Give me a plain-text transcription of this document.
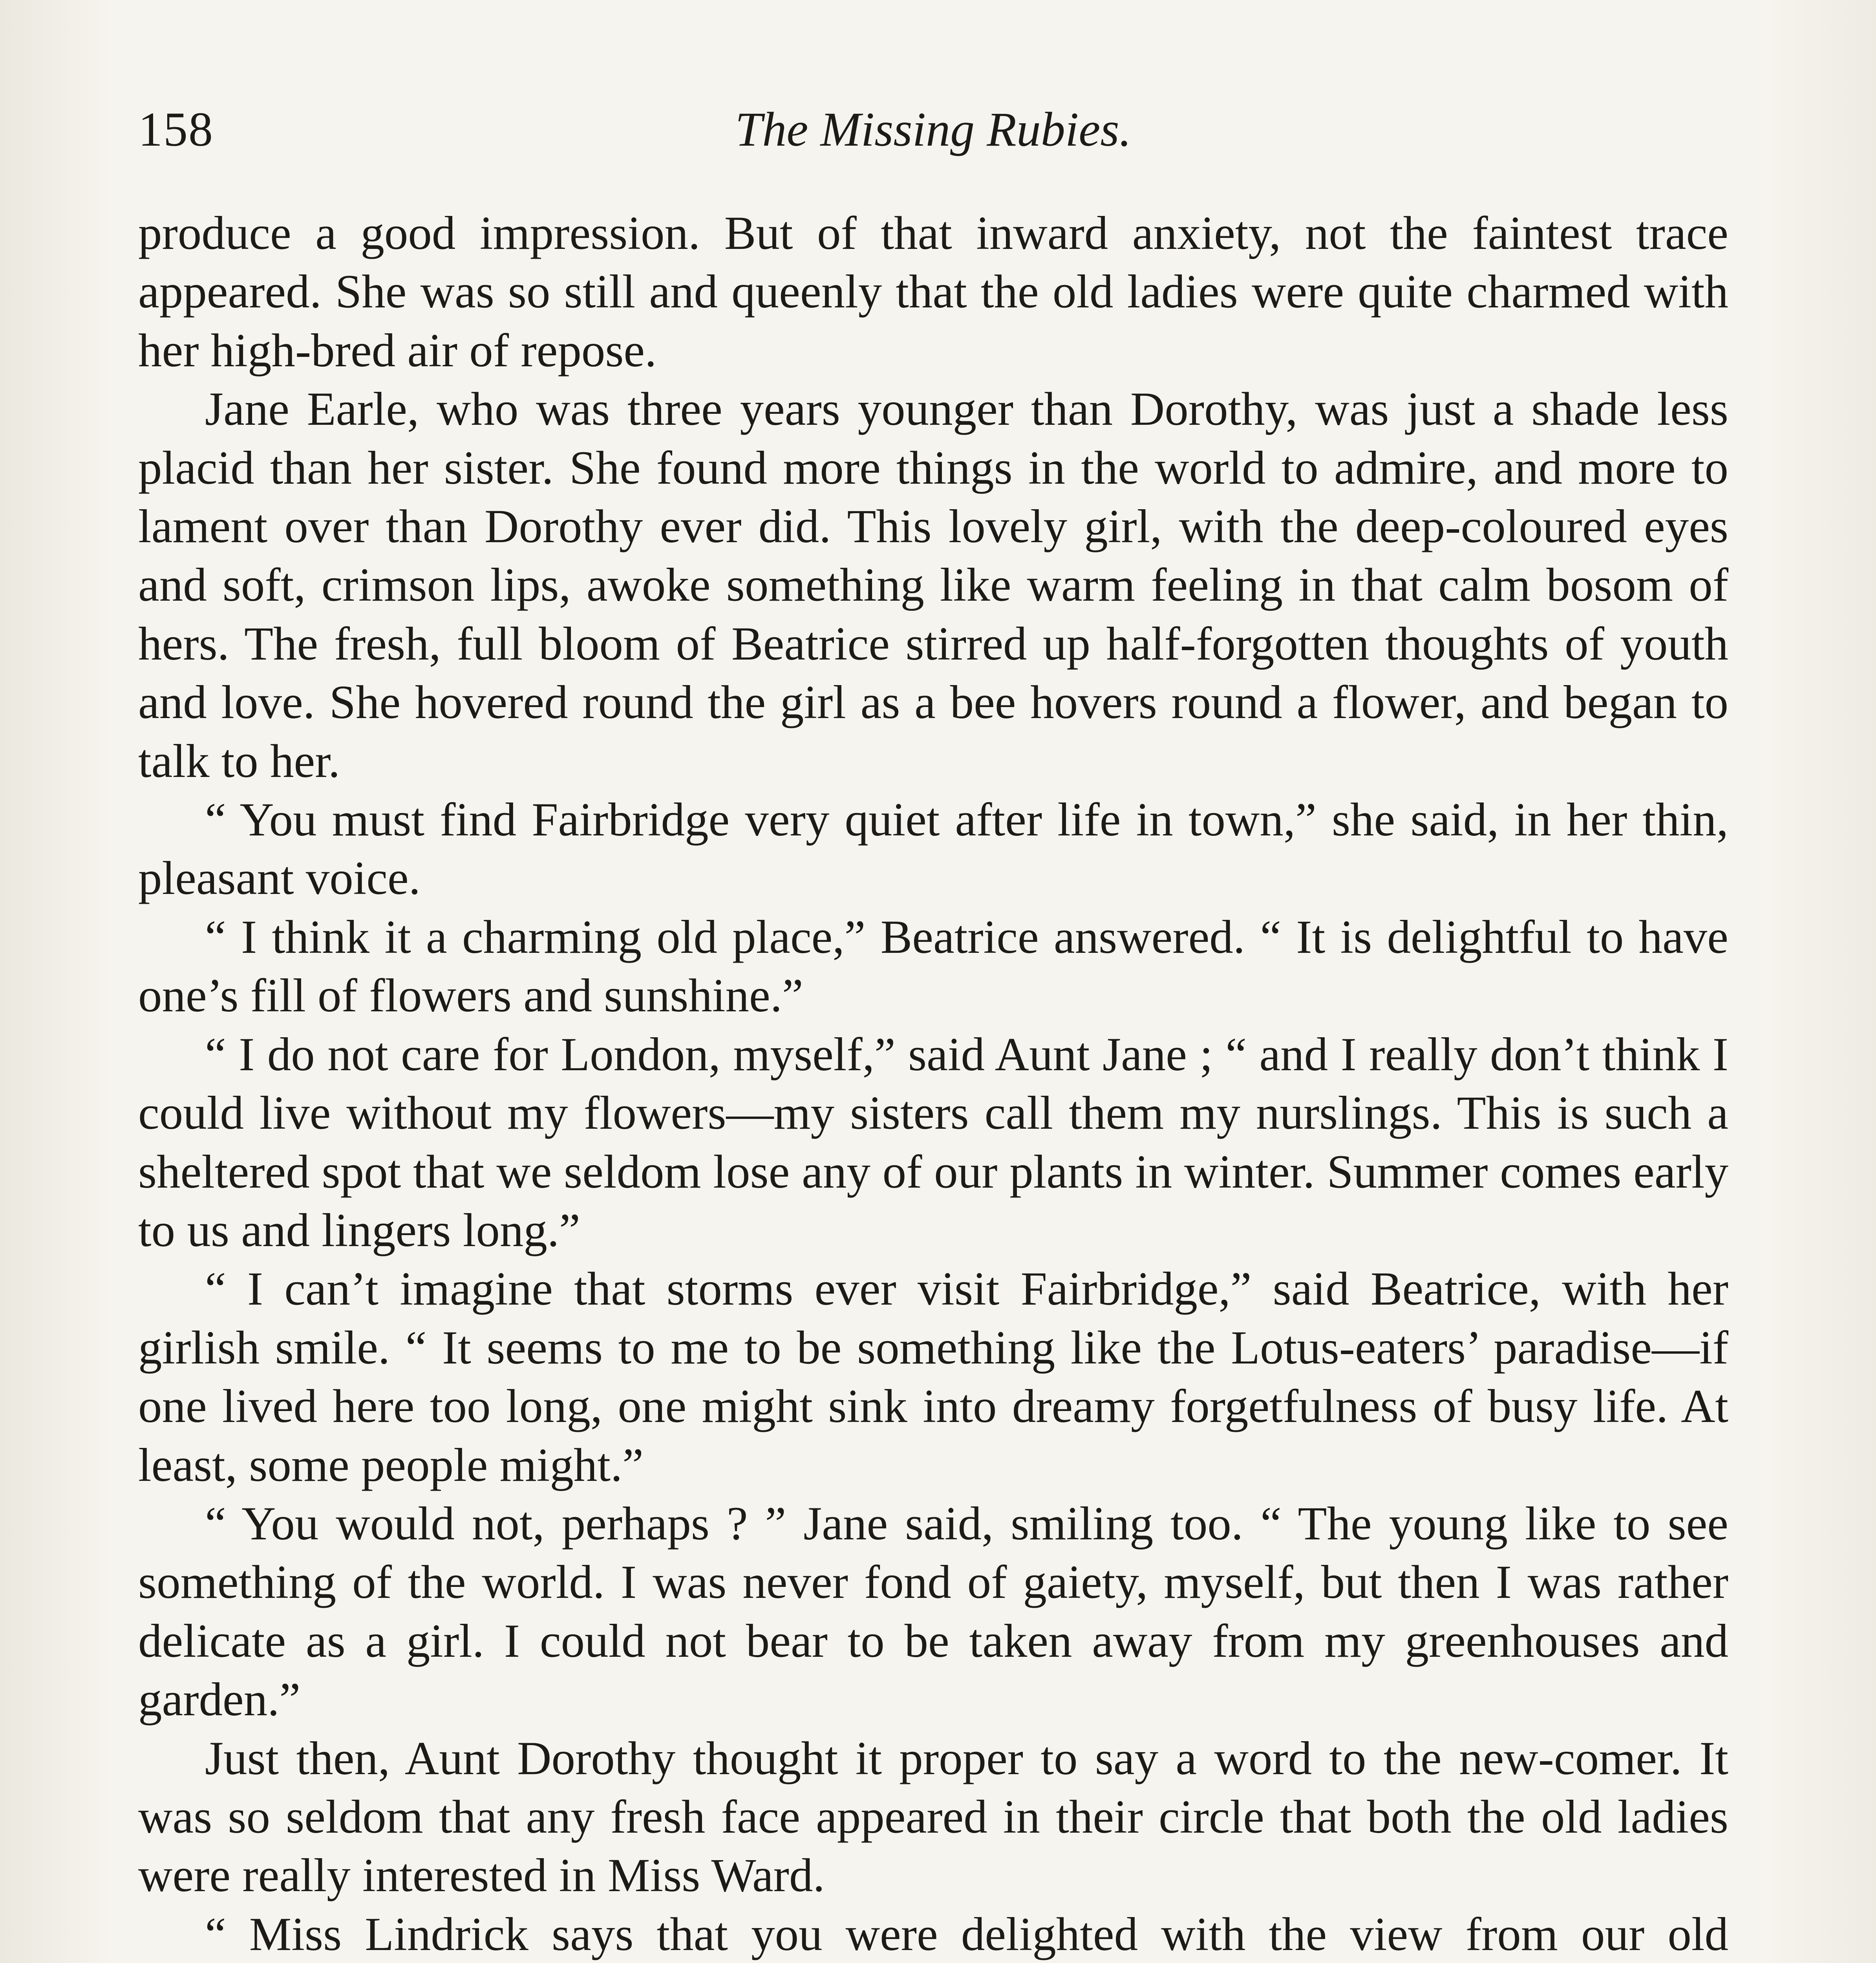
158	The Missing Rubies.

produce a good impression. But of that inward anxiety, not the faintest trace appeared. She was so still and queenly that the old ladies were quite charmed with her high-bred air of repose.

Jane Earle, who was three years younger than Dorothy, was just a shade less placid than her sister. She found more things in the world to admire, and more to lament over than Dorothy ever did. This lovely girl, with the deep-coloured eyes and soft, crimson lips, awoke something like warm feeling in that calm bosom of hers. The fresh, full bloom of Beatrice stirred up half-forgotten thoughts of youth and love. She hovered round the girl as a bee hovers round a flower, and began to talk to her.

“ You must find Fairbridge very quiet after life in town,” she said, in her thin, pleasant voice.

“ I think it a charming old place,” Beatrice answered. “ It is delightful to have one’s fill of flowers and sunshine.”

“ I do not care for London, myself,” said Aunt Jane ; “ and I really don’t think I could live without my flowers—my sisters call them my nurslings. This is such a sheltered spot that we seldom lose any of our plants in winter. Summer comes early to us and lingers long.”

“ I can’t imagine that storms ever visit Fairbridge,” said Beatrice, with her girlish smile. “ It seems to me to be something like the Lotus-eaters’ paradise—if one lived here too long, one might sink into dreamy forgetfulness of busy life. At least, some people might.”

“ You would not, perhaps ? ” Jane said, smiling too. “ The young like to see something of the world. I was never fond of gaiety, myself, but then I was rather delicate as a girl. I could not bear to be taken away from my greenhouses and garden.”

Just then, Aunt Dorothy thought it proper to say a word to the new-comer. It was so seldom that any fresh face appeared in their circle that both the old ladies were really interested in Miss Ward.

“ Miss Lindrick says that you were delighted with the view from our old
